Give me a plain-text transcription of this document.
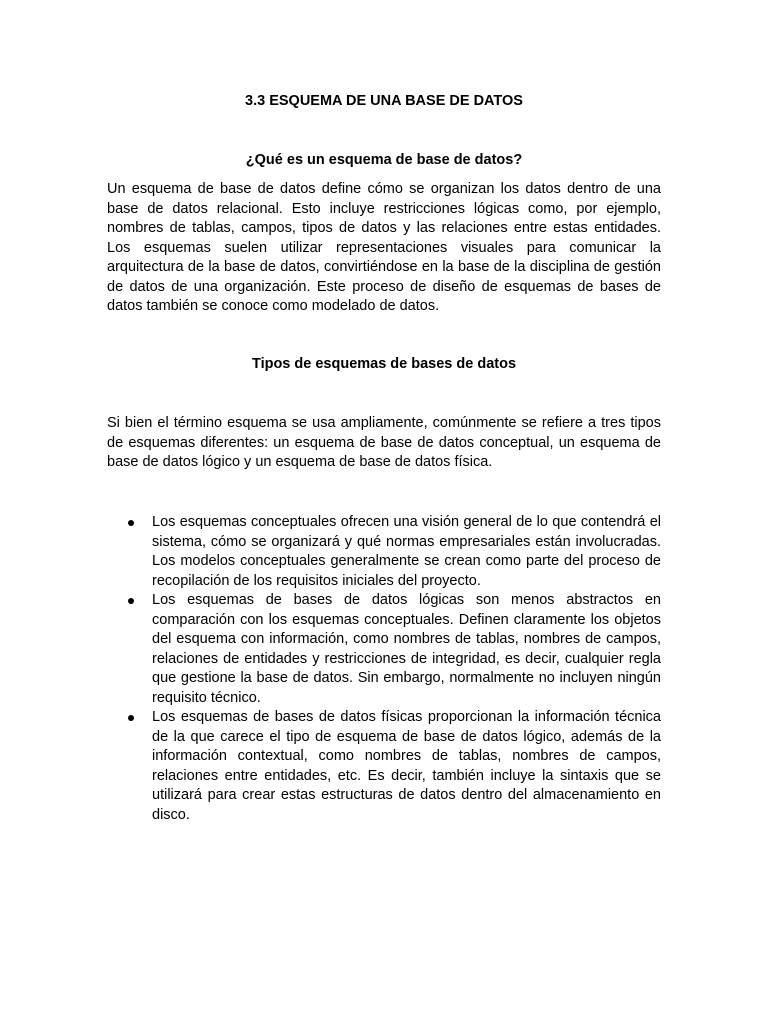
3.3 ESQUEMA DE UNA BASE DE DATOS
¿Qué es un esquema de base de datos?

Un esquema de base de datos define cómo se organizan los datos dentro de una base de datos relacional. Esto incluye restricciones lógicas como, por ejemplo, nombres de tablas, campos, tipos de datos y las relaciones entre estas entidades. Los esquemas suelen utilizar representaciones visuales para comunicar la arquitectura de la base de datos, convirtiéndose en la base de la disciplina de gestión de datos de una organización. Este proceso de diseño de esquemas de bases de datos también se conoce como modelado de datos.

Tipos de esquemas de bases de datos

Si bien el término esquema se usa ampliamente, comúnmente se refiere a tres tipos de esquemas diferentes: un esquema de base de datos conceptual, un esquema de base de datos lógico y un esquema de base de datos física.

Los esquemas conceptuales ofrecen una visión general de lo que contendrá el sistema, cómo se organizará y qué normas empresariales están involucradas. Los modelos conceptuales generalmente se crean como parte del proceso de recopilación de los requisitos iniciales del proyecto.
Los esquemas de bases de datos lógicas son menos abstractos en comparación con los esquemas conceptuales. Definen claramente los objetos del esquema con información, como nombres de tablas, nombres de campos, relaciones de entidades y restricciones de integridad, es decir, cualquier regla que gestione la base de datos. Sin embargo, normalmente no incluyen ningún requisito técnico.
Los esquemas de bases de datos físicas proporcionan la información técnica de la que carece el tipo de esquema de base de datos lógico, además de la información contextual, como nombres de tablas, nombres de campos, relaciones entre entidades, etc. Es decir, también incluye la sintaxis que se utilizará para crear estas estructuras de datos dentro del almacenamiento en disco.
